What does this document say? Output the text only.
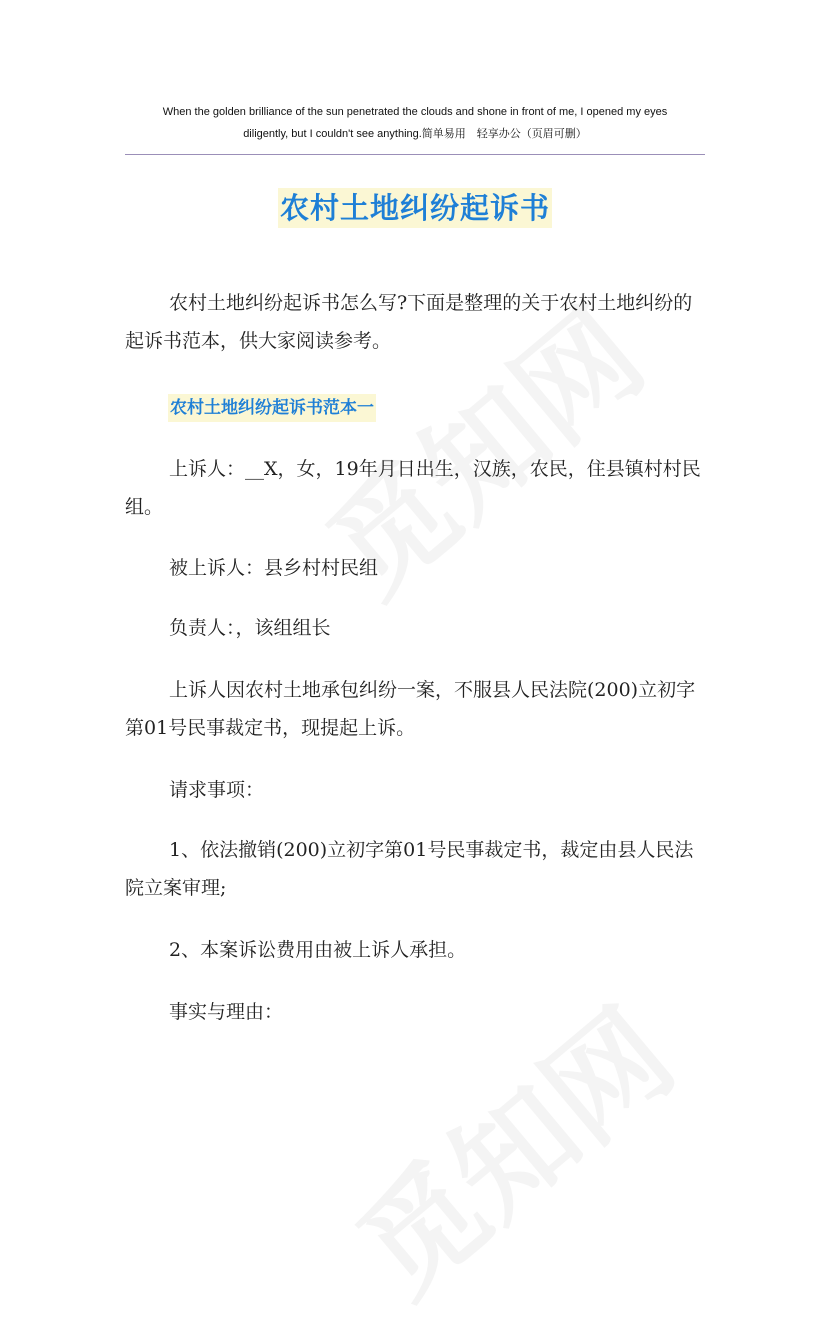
When the golden brilliance of the sun penetrated the clouds and shone in front of me, I opened my eyes
diligently, but I couldn't see anything.简单易用　轻享办公（页眉可删）
农村土地纠纷起诉书

农村土地纠纷起诉书怎么写?下面是整理的关于农村土地纠纷的起诉书范本，供大家阅读参考。

农村土地纠纷起诉书范本一

上诉人：__X，女，19年月日出生，汉族，农民，住县镇村村民组。

被上诉人：县乡村村民组

负责人：，该组组长

上诉人因农村土地承包纠纷一案，不服县人民法院(200)立初字第01号民事裁定书，现提起上诉。

请求事项：

1、依法撤销(200)立初字第01号民事裁定书，裁定由县人民法院立案审理;

2、本案诉讼费用由被上诉人承担。

事实与理由：
